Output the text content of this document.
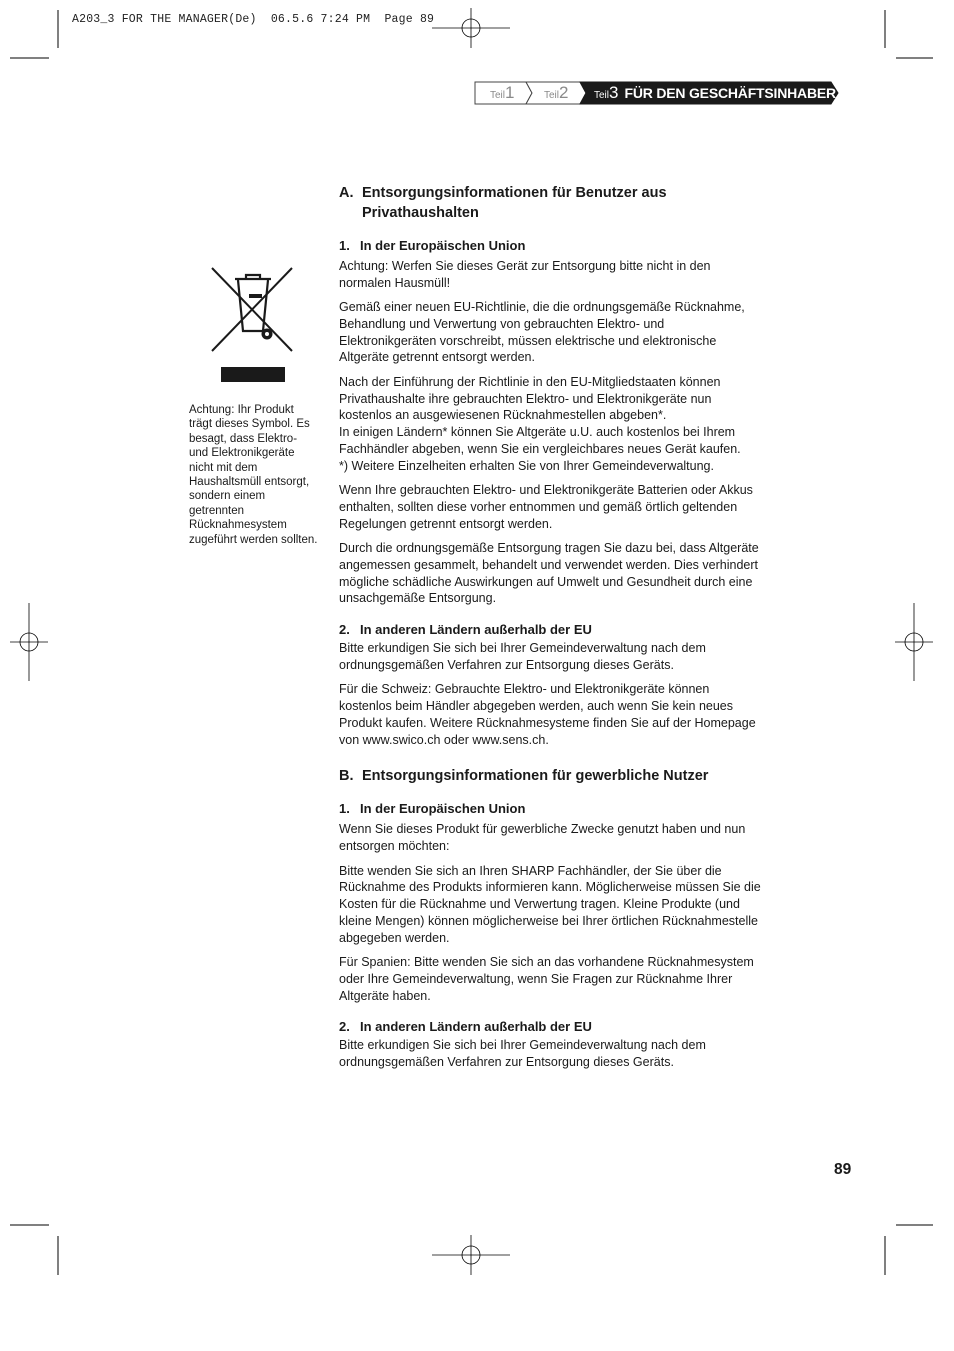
A203_3 FOR THE MANAGER(De)  06.5.6 7:24 PM  Page 89
Teil1	Teil2	Teil3 FÜR DEN GESCHÄFTSINHABER
Achtung: Ihr Produkt trägt dieses Symbol. Es besagt, dass Elektro- und Elektronikgeräte nicht mit dem Haushaltsmüll entsorgt, sondern einem getrennten Rücknahmesystem zugeführt werden sollten.
A. Entsorgungsinformationen für Benutzer aus Privathaushalten
1. In der Europäischen Union

Achtung: Werfen Sie dieses Gerät zur Entsorgung bitte nicht in den normalen Hausmüll!

Gemäß einer neuen EU-Richtlinie, die die ordnungsgemäße Rücknahme, Behandlung und Verwertung von gebrauchten Elektro- und Elektronikgeräten vorschreibt, müssen elektrische und elektronische Altgeräte getrennt entsorgt werden.

Nach der Einführung der Richtlinie in den EU-Mitgliedstaaten können Privathaushalte ihre gebrauchten Elektro- und Elektronikgeräte nun kostenlos an ausgewiesenen Rücknahmestellen abgeben*.

In einigen Ländern* können Sie Altgeräte u.U. auch kostenlos bei Ihrem Fachhändler abgeben, wenn Sie ein vergleichbares neues Gerät kaufen.

*) Weitere Einzelheiten erhalten Sie von Ihrer Gemeindeverwaltung.

Wenn Ihre gebrauchten Elektro- und Elektronikgeräte Batterien oder Akkus enthalten, sollten diese vorher entnommen und gemäß örtlich geltenden Regelungen getrennt entsorgt werden.

Durch die ordnungsgemäße Entsorgung tragen Sie dazu bei, dass Altgeräte angemessen gesammelt, behandelt und verwendet werden. Dies verhindert mögliche schädliche Auswirkungen auf Umwelt und Gesundheit durch eine unsachgemäße Entsorgung.

2. In anderen Ländern außerhalb der EU

Bitte erkundigen Sie sich bei Ihrer Gemeindeverwaltung nach dem ordnungsgemäßen Verfahren zur Entsorgung dieses Geräts.

Für die Schweiz: Gebrauchte Elektro- und Elektronikgeräte können kostenlos beim Händler abgegeben werden, auch wenn Sie kein neues Produkt kaufen. Weitere Rücknahmesysteme finden Sie auf der Homepage von www.swico.ch oder www.sens.ch.

B. Entsorgungsinformationen für gewerbliche Nutzer
1. In der Europäischen Union

Wenn Sie dieses Produkt für gewerbliche Zwecke genutzt haben und nun entsorgen möchten:

Bitte wenden Sie sich an Ihren SHARP Fachhändler, der Sie über die Rücknahme des Produkts informieren kann. Möglicherweise müssen Sie die Kosten für die Rücknahme und Verwertung tragen. Kleine Produkte (und kleine Mengen) können möglicherweise bei Ihrer örtlichen Rücknahmestelle abgegeben werden.

Für Spanien: Bitte wenden Sie sich an das vorhandene Rücknahmesystem oder Ihre Gemeindeverwaltung, wenn Sie Fragen zur Rücknahme Ihrer Altgeräte haben.

2. In anderen Ländern außerhalb der EU

Bitte erkundigen Sie sich bei Ihrer Gemeindeverwaltung nach dem ordnungsgemäßen Verfahren zur Entsorgung dieses Geräts.

89
